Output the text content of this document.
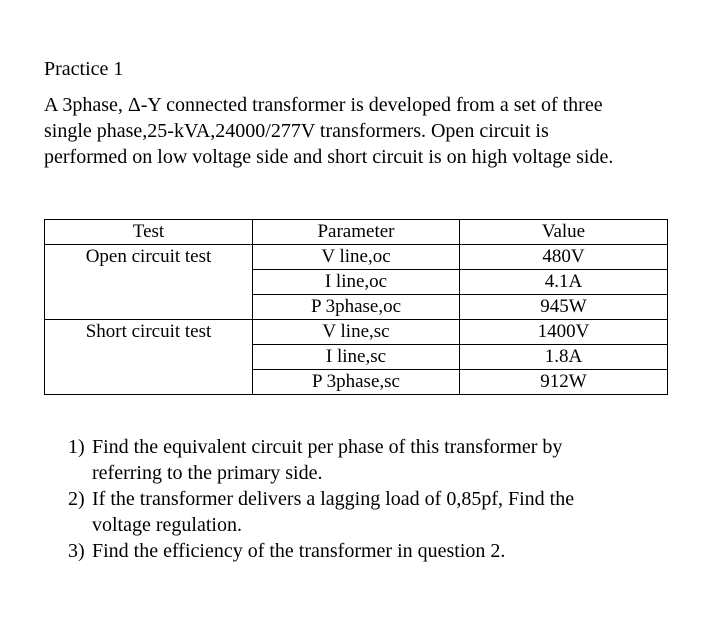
Practice 1
A 3phase, Δ-Y connected transformer is developed from a set of three
single phase,25-kVA,24000/277V transformers. Open circuit is
performed on low voltage side and short circuit is on high voltage side.
Test	Parameter	Value
Open circuit test	V line,oc	480V
	I line,oc	4.1A
	P 3phase,oc	945W
Short circuit test	V line,sc	1400V
	I line,sc	1.8A
	P 3phase,sc	912W
1) Find the equivalent circuit per phase of this transformer by
referring to the primary side.
2) If the transformer delivers a lagging load of 0,85pf, Find the
voltage regulation.
3) Find the efficiency of the transformer in question 2.
